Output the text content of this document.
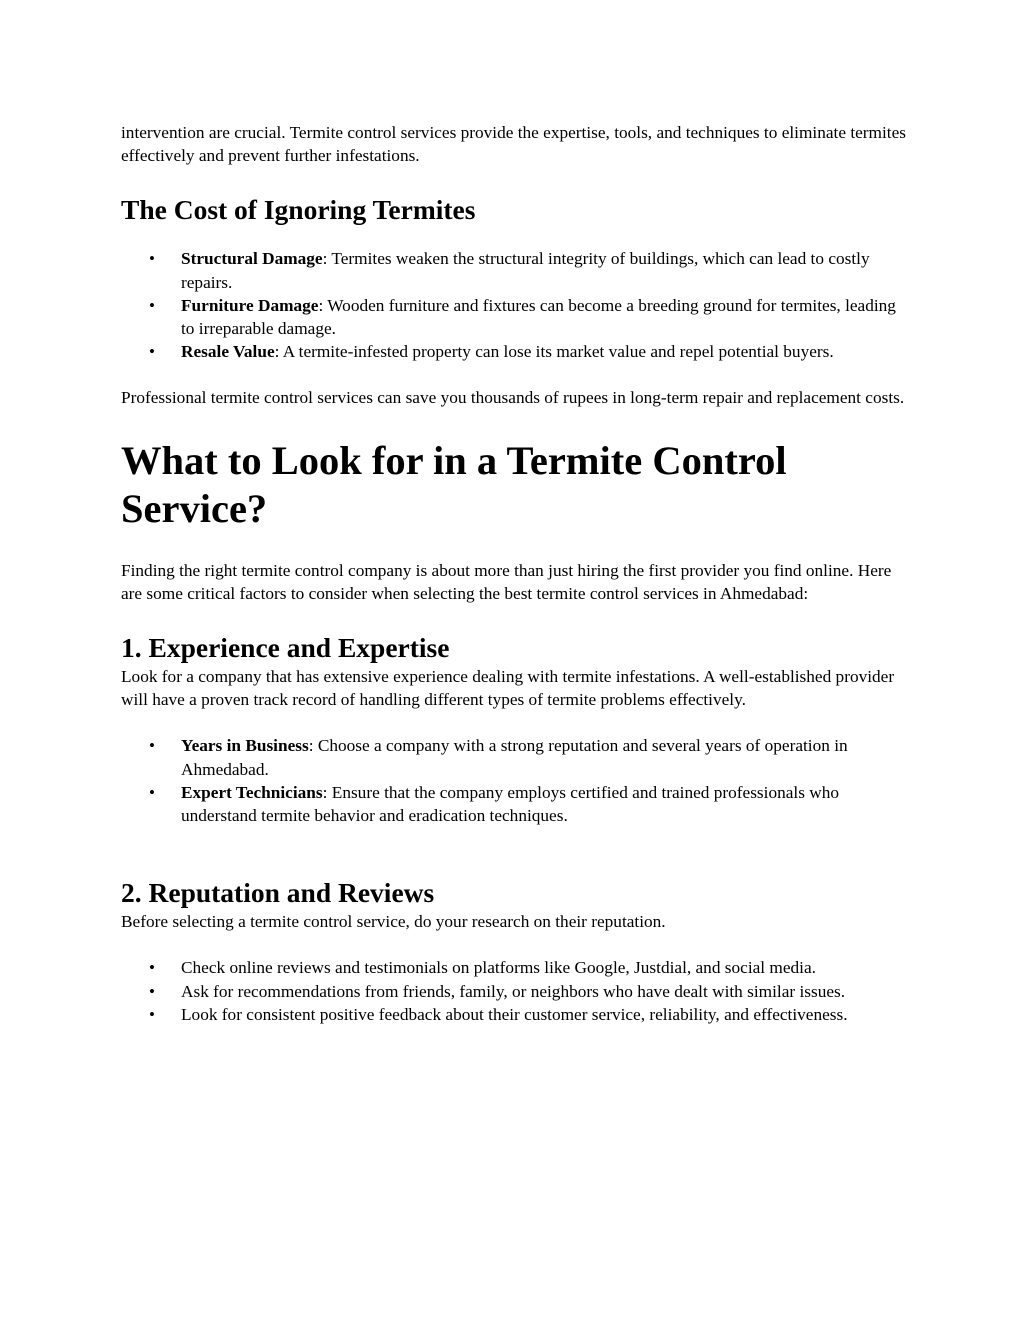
intervention are crucial. Termite control services provide the expertise, tools, and techniques to eliminate termites effectively and prevent further infestations.

The Cost of Ignoring Termites
• Structural Damage: Termites weaken the structural integrity of buildings, which can lead to costly repairs.
• Furniture Damage: Wooden furniture and fixtures can become a breeding ground for termites, leading to irreparable damage.
• Resale Value: A termite-infested property can lose its market value and repel potential buyers.

Professional termite control services can save you thousands of rupees in long-term repair and replacement costs.

What to Look for in a Termite Control Service?

Finding the right termite control company is about more than just hiring the first provider you find online. Here are some critical factors to consider when selecting the best termite control services in Ahmedabad:

1. Experience and Expertise

Look for a company that has extensive experience dealing with termite infestations. A well-established provider will have a proven track record of handling different types of termite problems effectively.

• Years in Business: Choose a company with a strong reputation and several years of operation in Ahmedabad.
• Expert Technicians: Ensure that the company employs certified and trained professionals who understand termite behavior and eradication techniques.
2. Reputation and Reviews

Before selecting a termite control service, do your research on their reputation.

• Check online reviews and testimonials on platforms like Google, Justdial, and social media.
• Ask for recommendations from friends, family, or neighbors who have dealt with similar issues.
• Look for consistent positive feedback about their customer service, reliability, and effectiveness.
